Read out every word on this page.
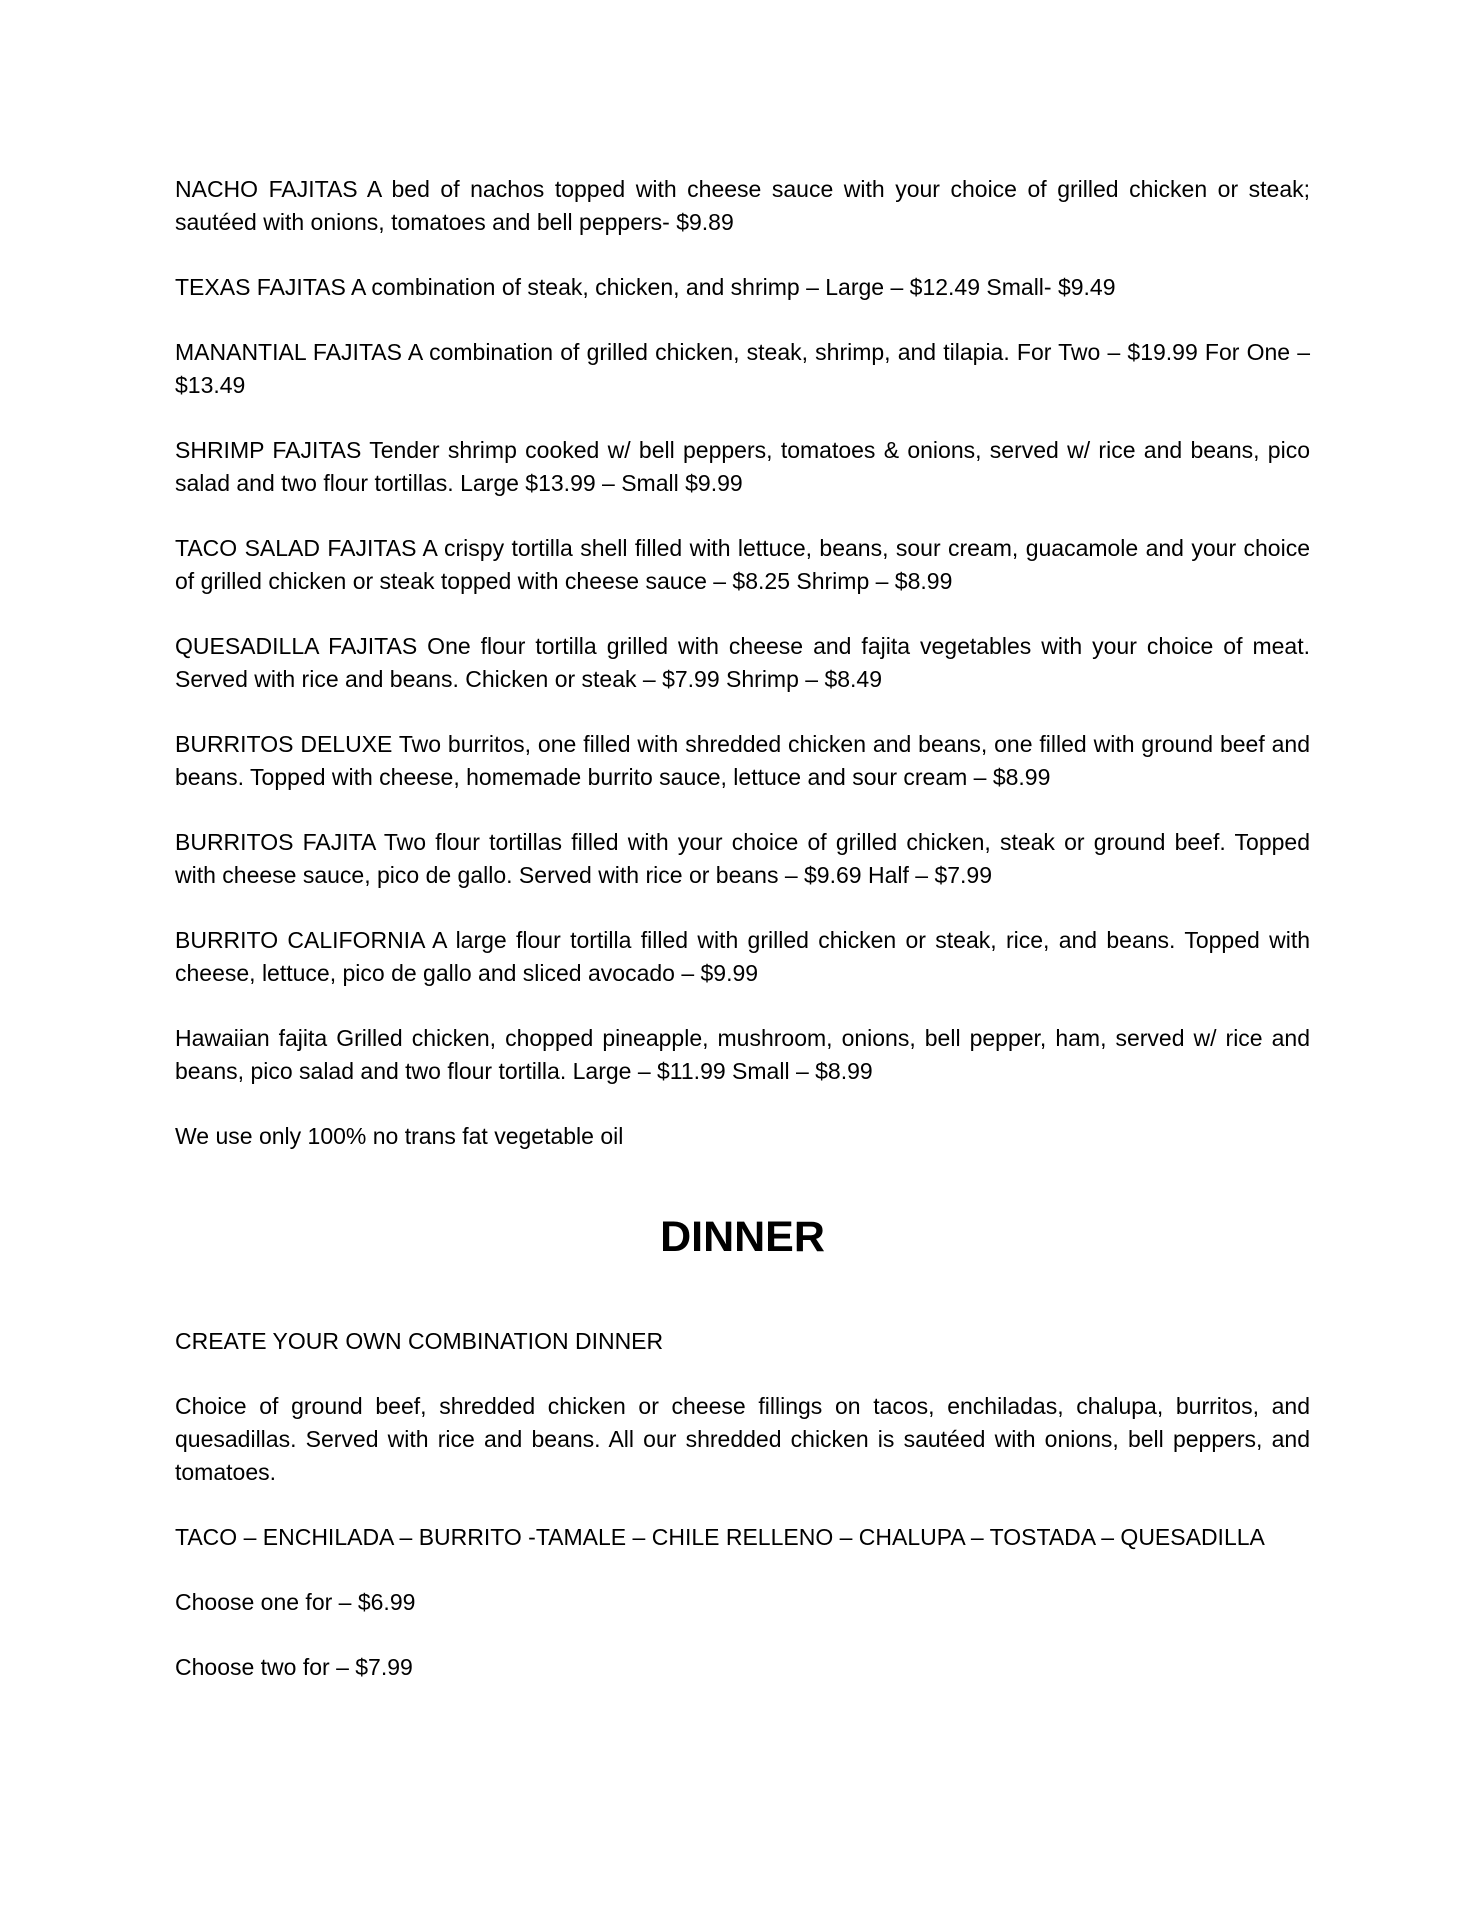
NACHO FAJITAS A bed of nachos topped with cheese sauce with your choice of grilled chicken or steak; sautéed with onions, tomatoes and bell peppers- $9.89

TEXAS FAJITAS A combination of steak, chicken, and shrimp – Large – $12.49 Small- $9.49

MANANTIAL FAJITAS A combination of grilled chicken, steak, shrimp, and tilapia. For Two – $19.99 For One – $13.49

SHRIMP FAJITAS Tender shrimp cooked w/ bell peppers, tomatoes & onions, served w/ rice and beans, pico salad and two flour tortillas. Large $13.99 – Small $9.99

TACO SALAD FAJITAS A crispy tortilla shell filled with lettuce, beans, sour cream, guacamole and your choice of grilled chicken or steak topped with cheese sauce – $8.25 Shrimp – $8.99

QUESADILLA FAJITAS One flour tortilla grilled with cheese and fajita vegetables with your choice of meat. Served with rice and beans. Chicken or steak – $7.99 Shrimp – $8.49

BURRITOS DELUXE Two burritos, one filled with shredded chicken and beans, one filled with ground beef and beans. Topped with cheese, homemade burrito sauce, lettuce and sour cream – $8.99

BURRITOS FAJITA Two flour tortillas filled with your choice of grilled chicken, steak or ground beef. Topped with cheese sauce, pico de gallo. Served with rice or beans – $9.69 Half – $7.99

BURRITO CALIFORNIA A large flour tortilla filled with grilled chicken or steak, rice, and beans. Topped with cheese, lettuce, pico de gallo and sliced avocado – $9.99

Hawaiian fajita Grilled chicken, chopped pineapple, mushroom, onions, bell pepper, ham, served w/ rice and beans, pico salad and two flour tortilla. Large – $11.99 Small – $8.99

We use only 100% no trans fat vegetable oil

DINNER

CREATE YOUR OWN COMBINATION DINNER

Choice of ground beef, shredded chicken or cheese fillings on tacos, enchiladas, chalupa, burritos, and quesadillas. Served with rice and beans. All our shredded chicken is sautéed with onions, bell peppers, and tomatoes.

TACO – ENCHILADA – BURRITO -TAMALE – CHILE RELLENO – CHALUPA – TOSTADA – QUESADILLA

Choose one for – $6.99

Choose two for – $7.99
